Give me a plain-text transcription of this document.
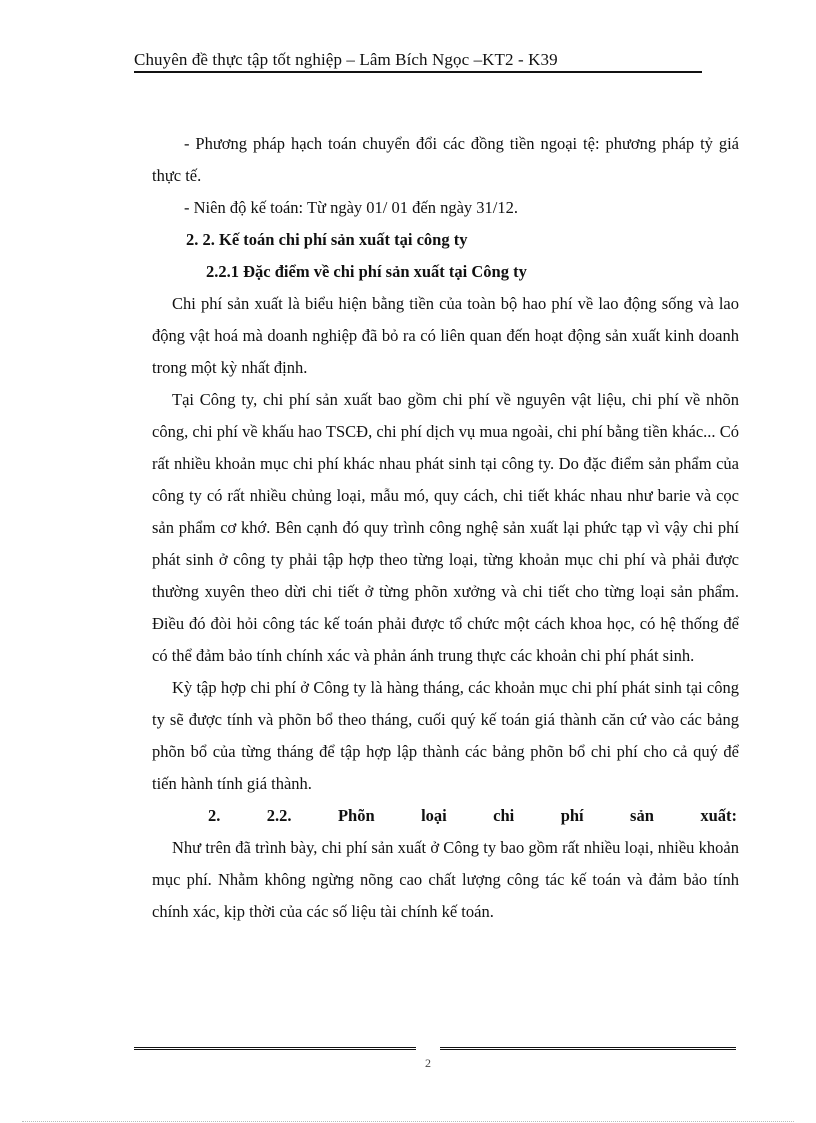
Chuyên đề thực tập tốt nghiệp – Lâm Bích Ngọc –KT2 - K39

- Phương pháp hạch toán chuyển đổi các đồng tiền ngoại tệ: phương pháp tỷ giá thực tế.

- Niên độ kế toán: Từ ngày 01/ 01 đến ngày 31/12.

2. 2. Kế toán chi phí sản xuất tại công ty

2.2.1 Đặc điểm về chi phí sản xuất tại Công ty

Chi phí sản xuất là biểu hiện bằng tiền của toàn bộ hao phí về lao động sống và lao động vật hoá mà doanh nghiệp đã bỏ ra có liên quan đến hoạt động sản xuất kinh doanh trong một kỳ nhất định.

Tại Công ty, chi phí sản xuất bao gồm chi phí về nguyên vật liệu, chi phí về nhõn công, chi phí về khấu hao TSCĐ, chi phí dịch vụ mua ngoài, chi phí bằng tiền khác... Có rất nhiều khoản mục chi phí khác nhau phát sinh tại công ty. Do đặc điểm sản phẩm của công ty có rất nhiều chủng loại, mẫu mó, quy cách, chi tiết khác nhau như barie và cọc sản phẩm cơ khớ. Bên cạnh đó quy trình công nghệ sản xuất lại phức tạp vì vậy chi phí phát sinh ở công ty phải tập hợp theo từng loại, từng khoản mục chi phí và phải được thường xuyên theo dừi chi tiết ở từng phõn xưởng và chi tiết cho từng loại sản phẩm. Điều đó đòi hỏi công tác kế toán phải được tổ chức một cách khoa học, có hệ thống để có thể đảm bảo tính chính xác và phản ánh trung thực các khoản chi phí phát sinh.

Kỳ tập hợp chi phí ở Công ty là hàng tháng, các khoản mục chi phí phát sinh tại công ty sẽ được tính và phõn bổ theo tháng, cuối quý kế toán giá thành căn cứ vào các bảng phõn bổ của từng tháng để tập hợp lập thành các bảng phõn bổ chi phí cho cả quý để tiến hành tính giá thành.

2.	2.2.	Phõn	loại	chi	phí	sản	xuất:

Như trên đã trình bày, chi phí sản xuất ở Công ty bao gồm rất nhiều loại, nhiều khoản mục phí. Nhằm không ngừng nõng cao chất lượng công tác kế toán và đảm bảo tính chính xác, kịp thời của các số liệu tài chính kế toán.

2
